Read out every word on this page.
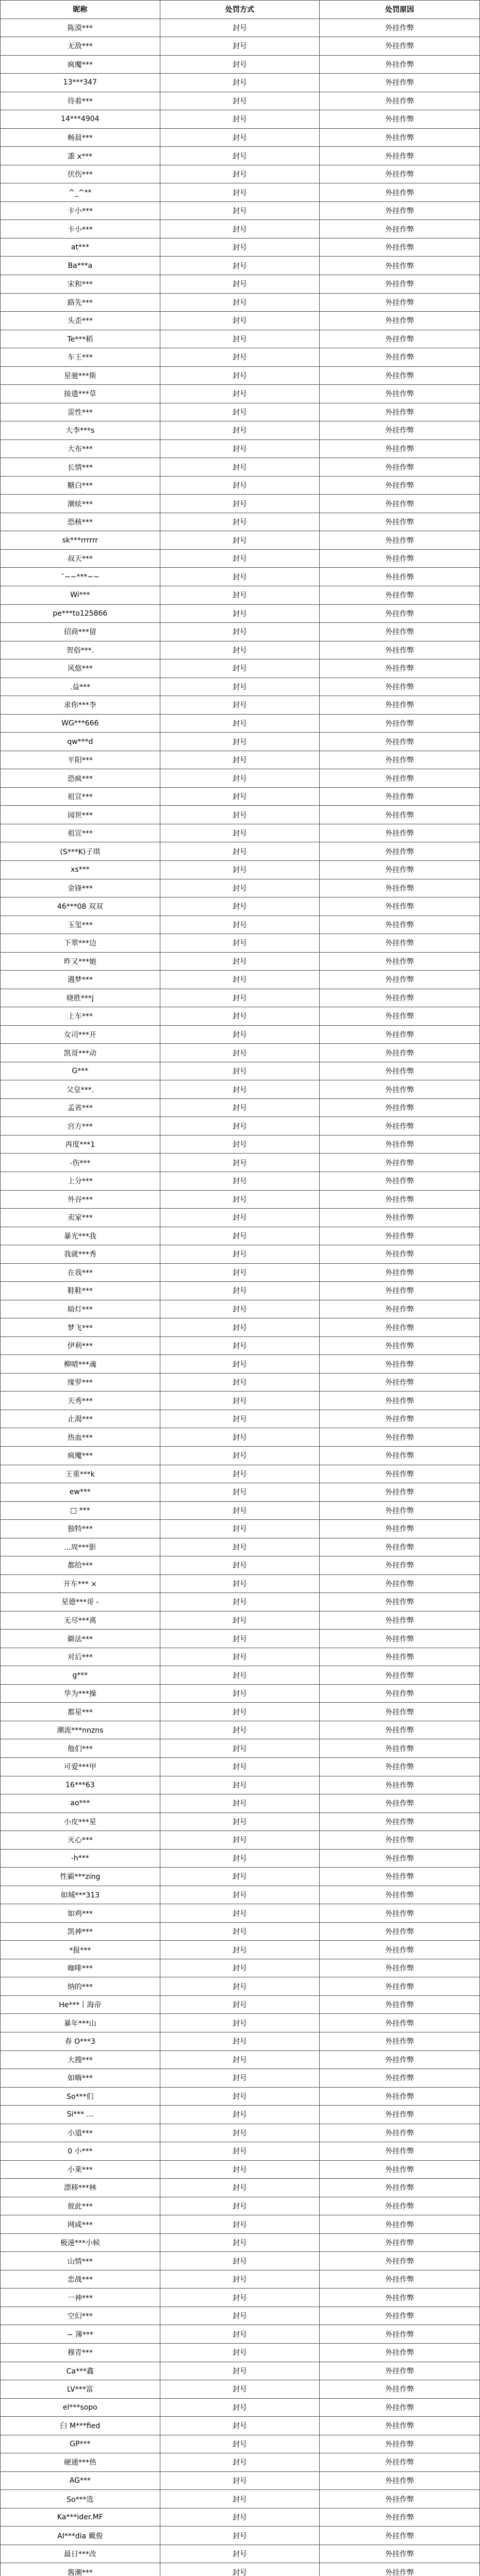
昵称	处罚方式	处罚原因
陈漠***	封号	外挂作弊
无敌***	封号	外挂作弊
疯魔***	封号	外挂作弊
13***347	封号	外挂作弊
待着***	封号	外挂作弊
14***4904	封号	外挂作弊
畅晨***	封号	外挂作弊
誰 x***	封号	外挂作弊
伏伤***	封号	外挂作弊
^_^**	封号	外挂作弊
卡小***	封号	外挂作弊
卡小***	封号	外挂作弊
at***	封号	外挂作弊
Ba***a	封号	外挂作弊
宋和***	封号	外挂作弊
路先***	封号	外挂作弊
头歪***	封号	外挂作弊
Te***稻	封号	外挂作弊
车王***	封号	外挂作弊
星驰***斯	封号	外挂作弊
接遗***草	封号	外挂作弊
雷性***	封号	外挂作弊
大李***s	封号	外挂作弊
大布***	封号	外挂作弊
长情***	封号	外挂作弊
糖白***	封号	外挂作弊
潮炫***	封号	外挂作弊
恐核***	封号	外挂作弊
sk***rrrrrr	封号	外挂作弊
叔天***	封号	外挂作弊
˘~~***~~	封号	外挂作弊
Wi***	封号	外挂作弊
pe***to125866	封号	外挂作弊
招商***留	封号	外挂作弊
贺俗***.	封号	外挂作弊
风悠***	封号	外挂作弊
.益***	封号	外挂作弊
求你***李	封号	外挂作弊
WG***666	封号	外挂作弊
qw***d	封号	外挂作弊
平阳***	封号	外挂作弊
恐疯***	封号	外挂作弊
祖宣***	封号	外挂作弊
闻世***	封号	外挂作弊
祖宣***	封号	外挂作弊
(S***K)子琪	封号	外挂作弊
xs***	封号	外挂作弊
金锋***	封号	外挂作弊
46***08 双双	封号	外挂作弊
玉玺***	封号	外挂作弊
下翠***边	封号	外挂作弊
昨又***她	封号	外挂作弊
遇梦***	封号	外挂作弊
晓胜***j	封号	外挂作弊
上车***	封号	外挂作弊
女司***开	封号	外挂作弊
凯哥***动	封号	外挂作弊
G***	封号	外挂作弊
父皇***.	封号	外挂作弊
孟省***	封号	外挂作弊
宫方***	封号	外挂作弊
再度***1	封号	外挂作弊
-伤***	封号	外挂作弊
上分***	封号	外挂作弊
外谷***	封号	外挂作弊
卖家***	封号	外挂作弊
暴光***我	封号	外挂作弊
我就***秀	封号	外挂作弊
在我***	封号	外挂作弊
鞋鞋***	封号	外挂作弊
暗灯***	封号	外挂作弊
梦飞***	封号	外挂作弊
伊利***	封号	外挂作弊
柳晴***魂	封号	外挂作弊
缘罗***	封号	外挂作弊
天秀***	封号	外挂作弊
止渴***	封号	外挂作弊
热血***	封号	外挂作弊
疯魔***	封号	外挂作弊
王重***k	封号	外挂作弊
ew***	封号	外挂作弊
□ ***	封号	外挂作弊
独特***	封号	外挂作弊
...周***影	封号	外挂作弊
都给***	封号	外挂作弊
开车*** ×	封号	外挂作弊
星德***哥 -	封号	外挂作弊
无尽***离	封号	外挂作弊
僻法***	封号	外挂作弊
对后***	封号	外挂作弊
g***	封号	外挂作弊
华为***操	封号	外挂作弊
都星***	封号	外挂作弊
潮流***nnzns	封号	外挂作弊
他们***	封号	外挂作弊
可爱***甲	封号	外挂作弊
16***63	封号	外挂作弊
ao***	封号	外挂作弊
小皮***星	封号	外挂作弊
灭心***	封号	外挂作弊
-h***	封号	外挂作弊
性霸***zing	封号	外挂作弊
如城***313	封号	外挂作弊
如鸡***	封号	外挂作弊
凯神***	封号	外挂作弊
*报***	封号	外挂作弊
咖啡***	封号	外挂作弊
纳的***	封号	外挂作弊
He***丨海帝	封号	外挂作弊
暴年***山	封号	外挂作弊
春 O***3	封号	外挂作弊
大搜***	封号	外挂作弊
如嗨***	封号	外挂作弊
So***们	封号	外挂作弊
Si*** ...	封号	外挂作弊
小道***	封号	外挂作弊
0 小***	封号	外挂作弊
小莱***	封号	外挂作弊
漂移***林	封号	外挂作弊
彼此***	封号	外挂作弊
网咸***	封号	外挂作弊
极速***小候	封号	外挂作弊
山情***	封号	外挂作弊
恋战***	封号	外挂作弊
一神***	封号	外挂作弊
空幻***	封号	外挂作弊
~ 薄***	封号	外挂作弊
穆青***	封号	外挂作弊
Ca***鑫	封号	外挂作弊
LV***富	封号	外挂作弊
el***sopo	封号	外挂作弊
臼 M***fied	封号	外挂作弊
GP***	封号	外挂作弊
硬通***热	封号	外挂作弊
AG***	封号	外挂作弊
So***选	封号	外挂作弊
Ka***ider.MF	封号	外挂作弊
AI***dia 戴俊	封号	外挂作弊
最日***改	封号	外挂作弊
酱潮***	封号	外挂作弊
